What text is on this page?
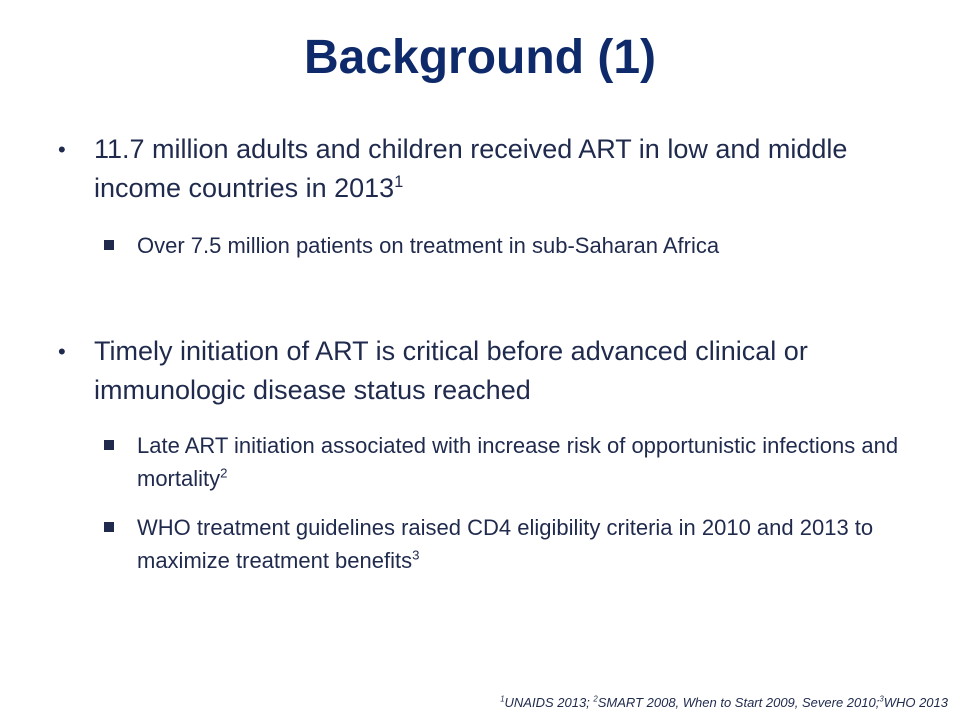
Background (1)
• 11.7 million adults and children received ART in low and middle income countries in 2013$^1$
Over 7.5 million patients on treatment in sub-Saharan Africa
• Timely initiation of ART is critical before advanced clinical or immunologic disease status reached
Late ART initiation associated with increase risk of opportunistic infections and mortality$^2$
WHO treatment guidelines raised CD4 eligibility criteria in 2010 and 2013 to maximize treatment benefits$^3$
$^1$UNAIDS 2013; $^2$SMART 2008, When to Start 2009, Severe 2010;$^3$WHO 2013
